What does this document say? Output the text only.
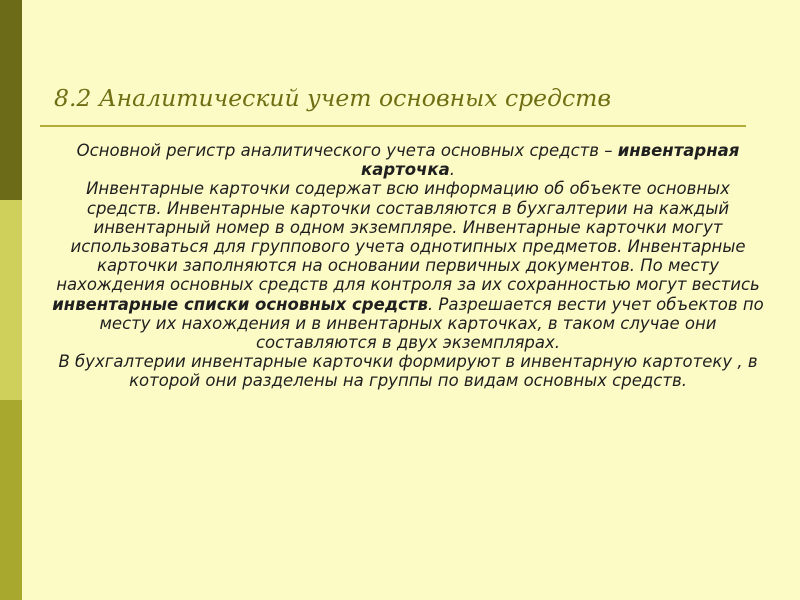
8.2 Аналитический учет основных средств

Основной регистр аналитического учета основных средств – инвентарная карточка.

Инвентарные карточки содержат всю информацию об объекте основных средств. Инвентарные карточки составляются в бухгалтерии на каждый инвентарный номер в одном экземпляре. Инвентарные карточки могут использоваться для группового учета однотипных предметов. Инвентарные карточки заполняются на основании первичных документов. По месту нахождения основных средств для контроля за их сохранностью могут вестись инвентарные списки основных средств. Разрешается вести учет объектов по месту их нахождения и в инвентарных карточках, в таком случае они составляются в двух экземплярах.

В бухгалтерии инвентарные карточки формируют в инвентарную картотеку , в которой они разделены на группы по видам основных средств.
